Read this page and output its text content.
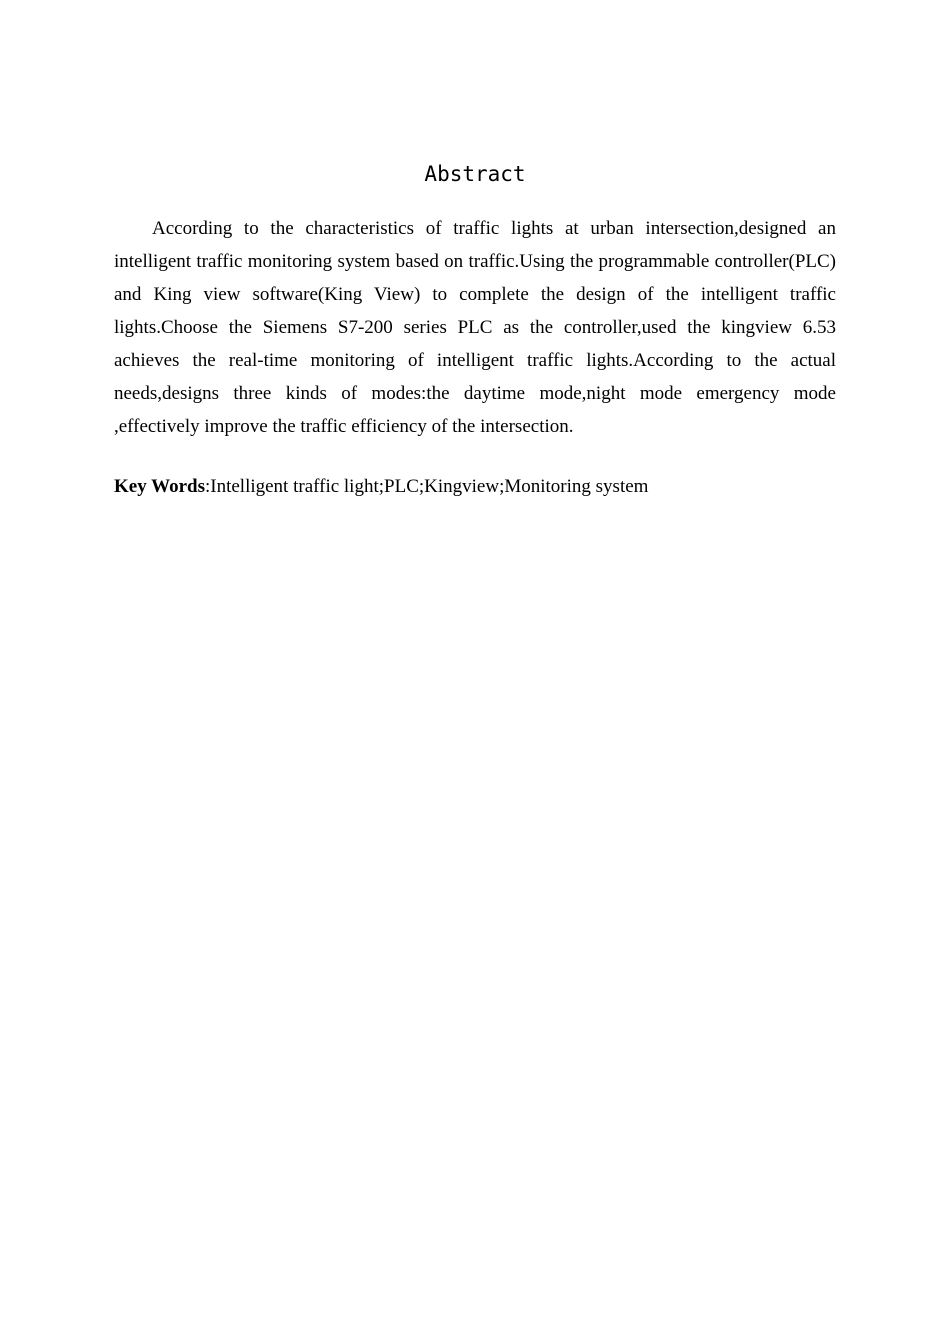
Abstract

According to the characteristics of traffic lights at urban intersection,designed an intelligent traffic monitoring system based on traffic.Using the programmable controller(PLC) and King view software(King View) to complete the design of the intelligent traffic lights.Choose the Siemens S7-200 series PLC as the controller,used the kingview 6.53 achieves the real-time monitoring of intelligent traffic lights.According to the actual needs,designs three kinds of modes:the daytime mode,night mode emergency mode ,effectively improve the traffic efficiency of the intersection.

Key Words:Intelligent traffic light;PLC;Kingview;Monitoring system
